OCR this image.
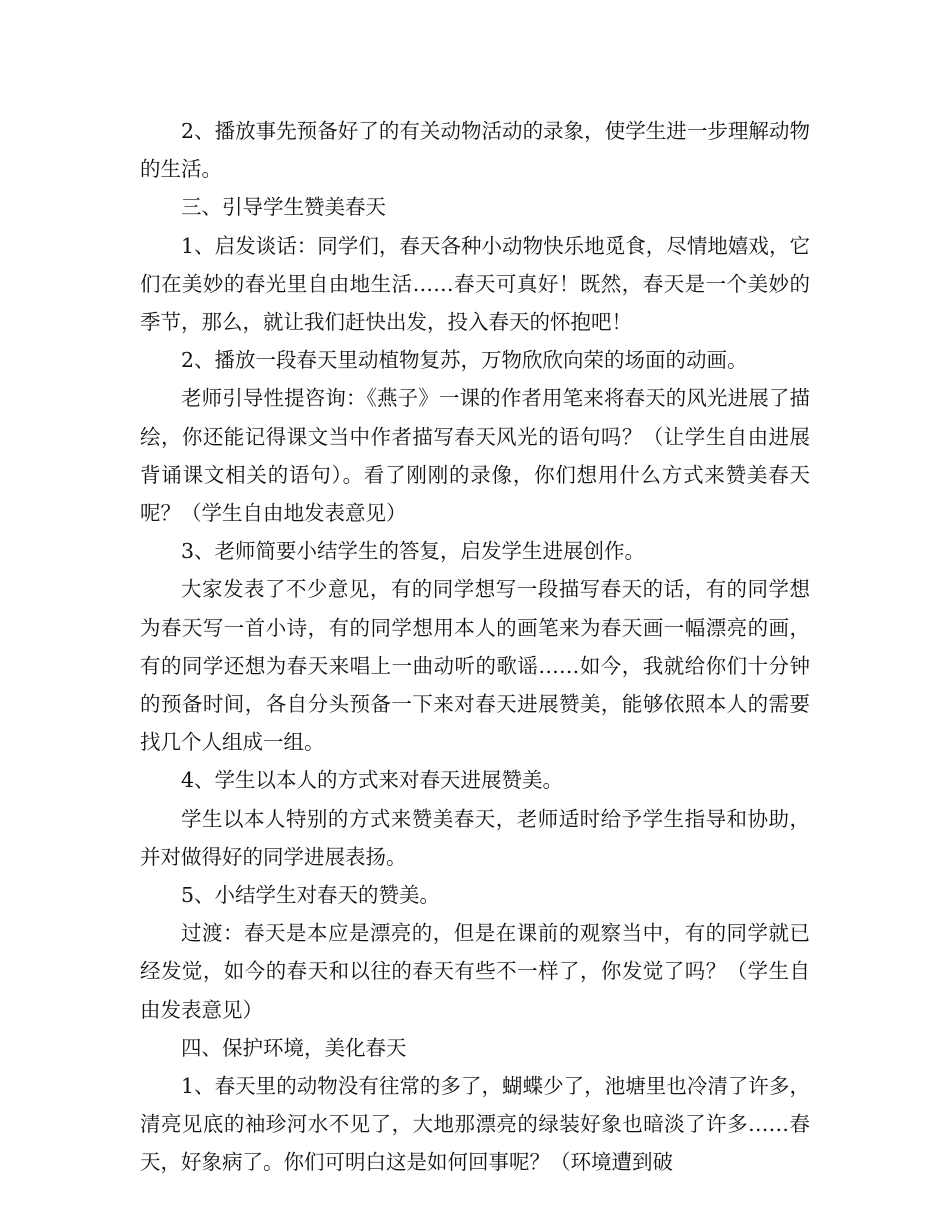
2、播放事先预备好了的有关动物活动的录象，使学生进一步理解动物的生活。

三、引导学生赞美春天

1、启发谈话：同学们，春天各种小动物快乐地觅食，尽情地嬉戏，它们在美妙的春光里自由地生活……春天可真好！既然，春天是一个美妙的季节，那么，就让我们赶快出发，投入春天的怀抱吧！

2、播放一段春天里动植物复苏，万物欣欣向荣的场面的动画。

老师引导性提咨询：《燕子》一课的作者用笔来将春天的风光进展了描绘，你还能记得课文当中作者描写春天风光的语句吗？（让学生自由进展背诵课文相关的语句）。看了刚刚的录像，你们想用什么方式来赞美春天呢？（学生自由地发表意见）

3、老师简要小结学生的答复，启发学生进展创作。

大家发表了不少意见，有的同学想写一段描写春天的话，有的同学想为春天写一首小诗，有的同学想用本人的画笔来为春天画一幅漂亮的画，有的同学还想为春天来唱上一曲动听的歌谣……如今，我就给你们十分钟的预备时间，各自分头预备一下来对春天进展赞美，能够依照本人的需要找几个人组成一组。

4、学生以本人的方式来对春天进展赞美。

学生以本人特别的方式来赞美春天，老师适时给予学生指导和协助，并对做得好的同学进展表扬。

5、小结学生对春天的赞美。

过渡：春天是本应是漂亮的，但是在课前的观察当中，有的同学就已经发觉，如今的春天和以往的春天有些不一样了，你发觉了吗？（学生自由发表意见）

四、保护环境，美化春天

1、春天里的动物没有往常的多了，蝴蝶少了，池塘里也冷清了许多，清亮见底的袖珍河水不见了，大地那漂亮的绿装好象也暗淡了许多……春天，好象病了。你们可明白这是如何回事呢？（环境遭到破
